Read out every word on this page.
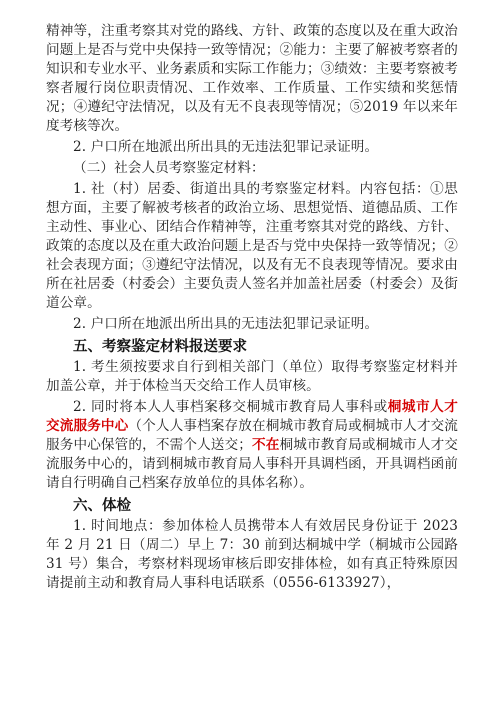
精神等，注重考察其对党的路线、方针、政策的态度以及在重大政治问题上是否与党中央保持一致等情况；②能力：主要了解被考察者的知识和专业水平、业务素质和实际工作能力；③绩效：主要考察被考察者履行岗位职责情况、工作效率、工作质量、工作实绩和奖惩情况；④遵纪守法情况，以及有无不良表现等情况；⑤2019 年以来年度考核等次。

2. 户口所在地派出所出具的无违法犯罪记录证明。

（二）社会人员考察鉴定材料：

1. 社（村）居委、街道出具的考察鉴定材料。内容包括：①思想方面，主要了解被考核者的政治立场、思想觉悟、道德品质、工作主动性、事业心、团结合作精神等，注重考察其对党的路线、方针、政策的态度以及在重大政治问题上是否与党中央保持一致等情况；②社会表现方面；③遵纪守法情况，以及有无不良表现等情况。要求由所在社居委（村委会）主要负责人签名并加盖社居委（村委会）及街道公章。

2. 户口所在地派出所出具的无违法犯罪记录证明。

五、考察鉴定材料报送要求

1. 考生须按要求自行到相关部门（单位）取得考察鉴定材料并加盖公章，并于体检当天交给工作人员审核。

2. 同时将本人人事档案移交桐城市教育局人事科或桐城市人才交流服务中心（个人人事档案存放在桐城市教育局或桐城市人才交流服务中心保管的，不需个人送交；不在桐城市教育局或桐城市人才交流服务中心的，请到桐城市教育局人事科开具调档函，开具调档函前请自行明确自己档案存放单位的具体名称）。

六、体检

1. 时间地点：参加体检人员携带本人有效居民身份证于 2023 年 2 月 21 日（周二）早上 7：30 前到达桐城中学（桐城市公园路 31 号）集合，考察材料现场审核后即安排体检，如有真正特殊原因请提前主动和教育局人事科电话联系（0556-6133927），
